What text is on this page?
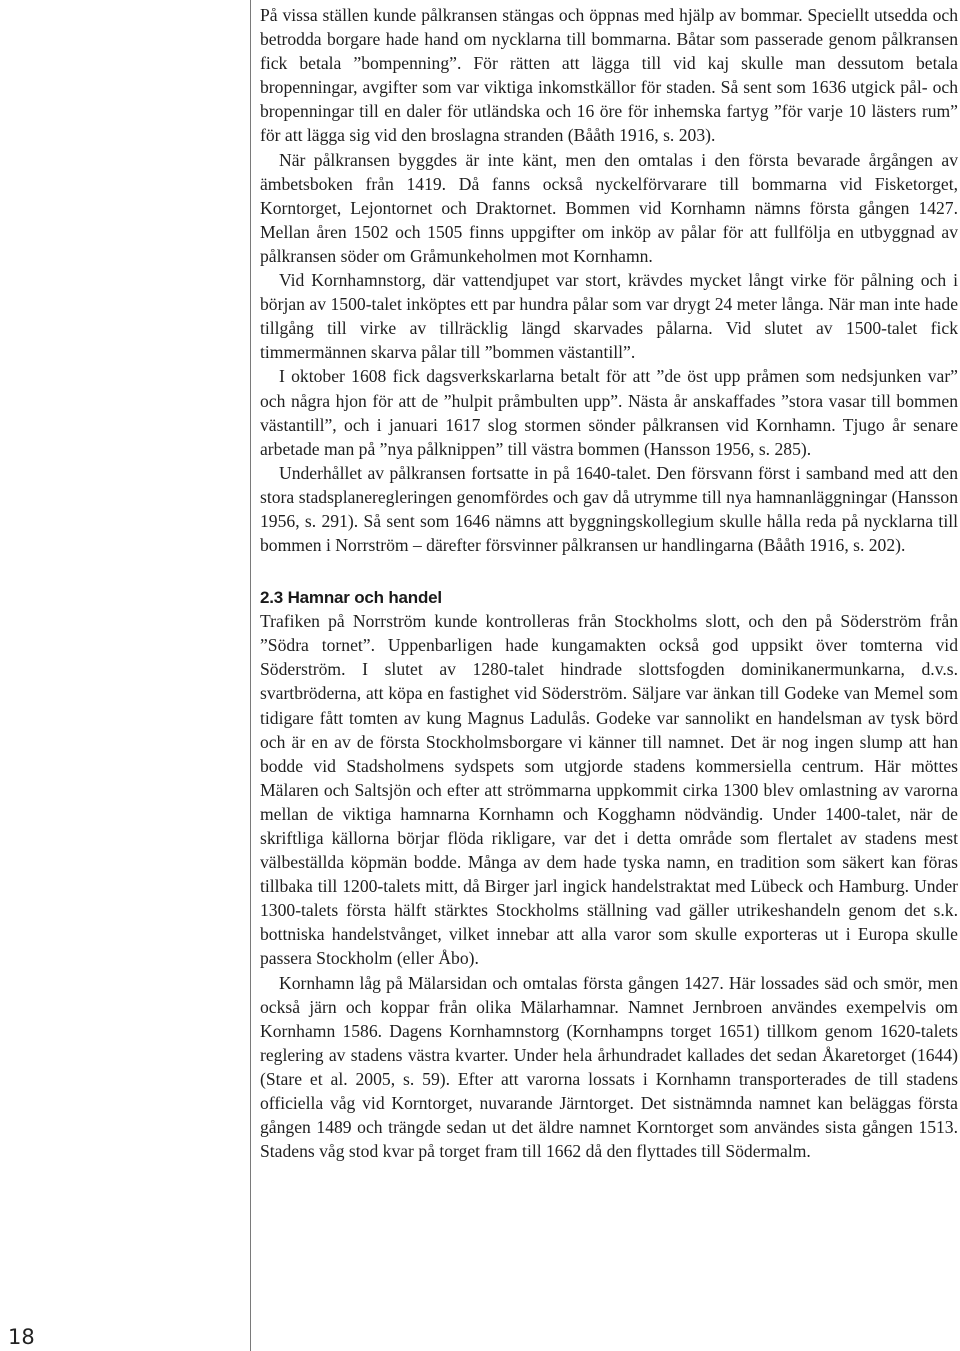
18

På vissa ställen kunde pålkransen stängas och öppnas med hjälp av bommar. Speciellt utsedda och betrodda borgare hade hand om nycklarna till bommarna. Båtar som passerade genom pålkransen fick betala ”bompenning”. För rätten att lägga till vid kaj skulle man dessutom betala bropenningar, avgifter som var viktiga inkomstkällor för staden. Så sent som 1636 utgick pål- och bropenningar till en daler för utländska och 16 öre för inhemska fartyg ”för varje 10 lästers rum” för att lägga sig vid den broslagna stranden (Bååth 1916, s. 203).

När pålkransen byggdes är inte känt, men den omtalas i den första bevarade årgången av ämbetsboken från 1419. Då fanns också nyckelförvarare till bommarna vid Fisketorget, Korntorget, Lejontornet och Draktornet. Bommen vid Kornhamn nämns första gången 1427. Mellan åren 1502 och 1505 finns uppgifter om inköp av pålar för att fullfölja en utbyggnad av pålkransen söder om Gråmunkeholmen mot Kornhamn.

Vid Kornhamnstorg, där vattendjupet var stort, krävdes mycket långt virke för pålning och i början av 1500-talet inköptes ett par hundra pålar som var drygt 24 meter långa. När man inte hade tillgång till virke av tillräcklig längd skarvades pålarna. Vid slutet av 1500-talet fick timmermännen skarva pålar till ”bommen västantill”.

I oktober 1608 fick dagsverkskarlarna betalt för att ”de öst upp pråmen som nedsjunken var” och några hjon för att de ”hulpit pråmbulten upp”. Nästa år anskaffades ”stora vasar till bommen västantill”, och i januari 1617 slog stormen sönder pålkransen vid Kornhamn. Tjugo år senare arbetade man på ”nya pålknippen” till västra bommen (Hansson 1956, s. 285).

Underhållet av pålkransen fortsatte in på 1640-talet. Den försvann först i samband med att den stora stadsplaneregleringen genomfördes och gav då utrymme till nya hamnanläggningar (Hansson 1956, s. 291). Så sent som 1646 nämns att byggningskollegium skulle hålla reda på nycklarna till bommen i Norrström – därefter försvinner pålkransen ur handlingarna (Bååth 1916, s. 202).

2.3 Hamnar och handel

Trafiken på Norrström kunde kontrolleras från Stockholms slott, och den på Söderström från ”Södra tornet”. Uppenbarligen hade kungamakten också god uppsikt över tomterna vid Söderström. I slutet av 1280-talet hindrade slottsfogden dominikanermunkarna, d.v.s. svartbröderna, att köpa en fastighet vid Söderström. Säljare var änkan till Godeke van Memel som tidigare fått tomten av kung Magnus Ladulås. Godeke var sannolikt en handelsman av tysk börd och är en av de första Stockholmsborgare vi känner till namnet. Det är nog ingen slump att han bodde vid Stadsholmens sydspets som utgjorde stadens kommersiella centrum. Här möttes Mälaren och Saltsjön och efter att strömmarna uppkommit cirka 1300 blev omlastning av varorna mellan de viktiga hamnarna Kornhamn och Kogghamn nödvändig. Under 1400-talet, när de skriftliga källorna börjar flöda rikligare, var det i detta område som flertalet av stadens mest välbeställda köpmän bodde. Många av dem hade tyska namn, en tradition som säkert kan föras tillbaka till 1200-talets mitt, då Birger jarl ingick handelstraktat med Lübeck och Hamburg. Under 1300-talets första hälft stärktes Stockholms ställning vad gäller utrikeshandeln genom det s.k. bottniska handelstvånget, vilket innebar att alla varor som skulle exporteras ut i Europa skulle passera Stockholm (eller Åbo).

Kornhamn låg på Mälarsidan och omtalas första gången 1427. Här lossades säd och smör, men också järn och koppar från olika Mälarhamnar. Namnet Jernbroen användes exempelvis om Kornhamn 1586. Dagens Kornhamnstorg (Kornhampns torget 1651) tillkom genom 1620-talets reglering av stadens västra kvarter. Under hela århundradet kallades det sedan Åkaretorget (1644) (Stare et al. 2005, s. 59). Efter att varorna lossats i Kornhamn transporterades de till stadens officiella våg vid Korntorget, nuvarande Järntorget. Det sistnämnda namnet kan beläggas första gången 1489 och trängde sedan ut det äldre namnet Korntorget som användes sista gången 1513. Stadens våg stod kvar på torget fram till 1662 då den flyttades till Södermalm.
